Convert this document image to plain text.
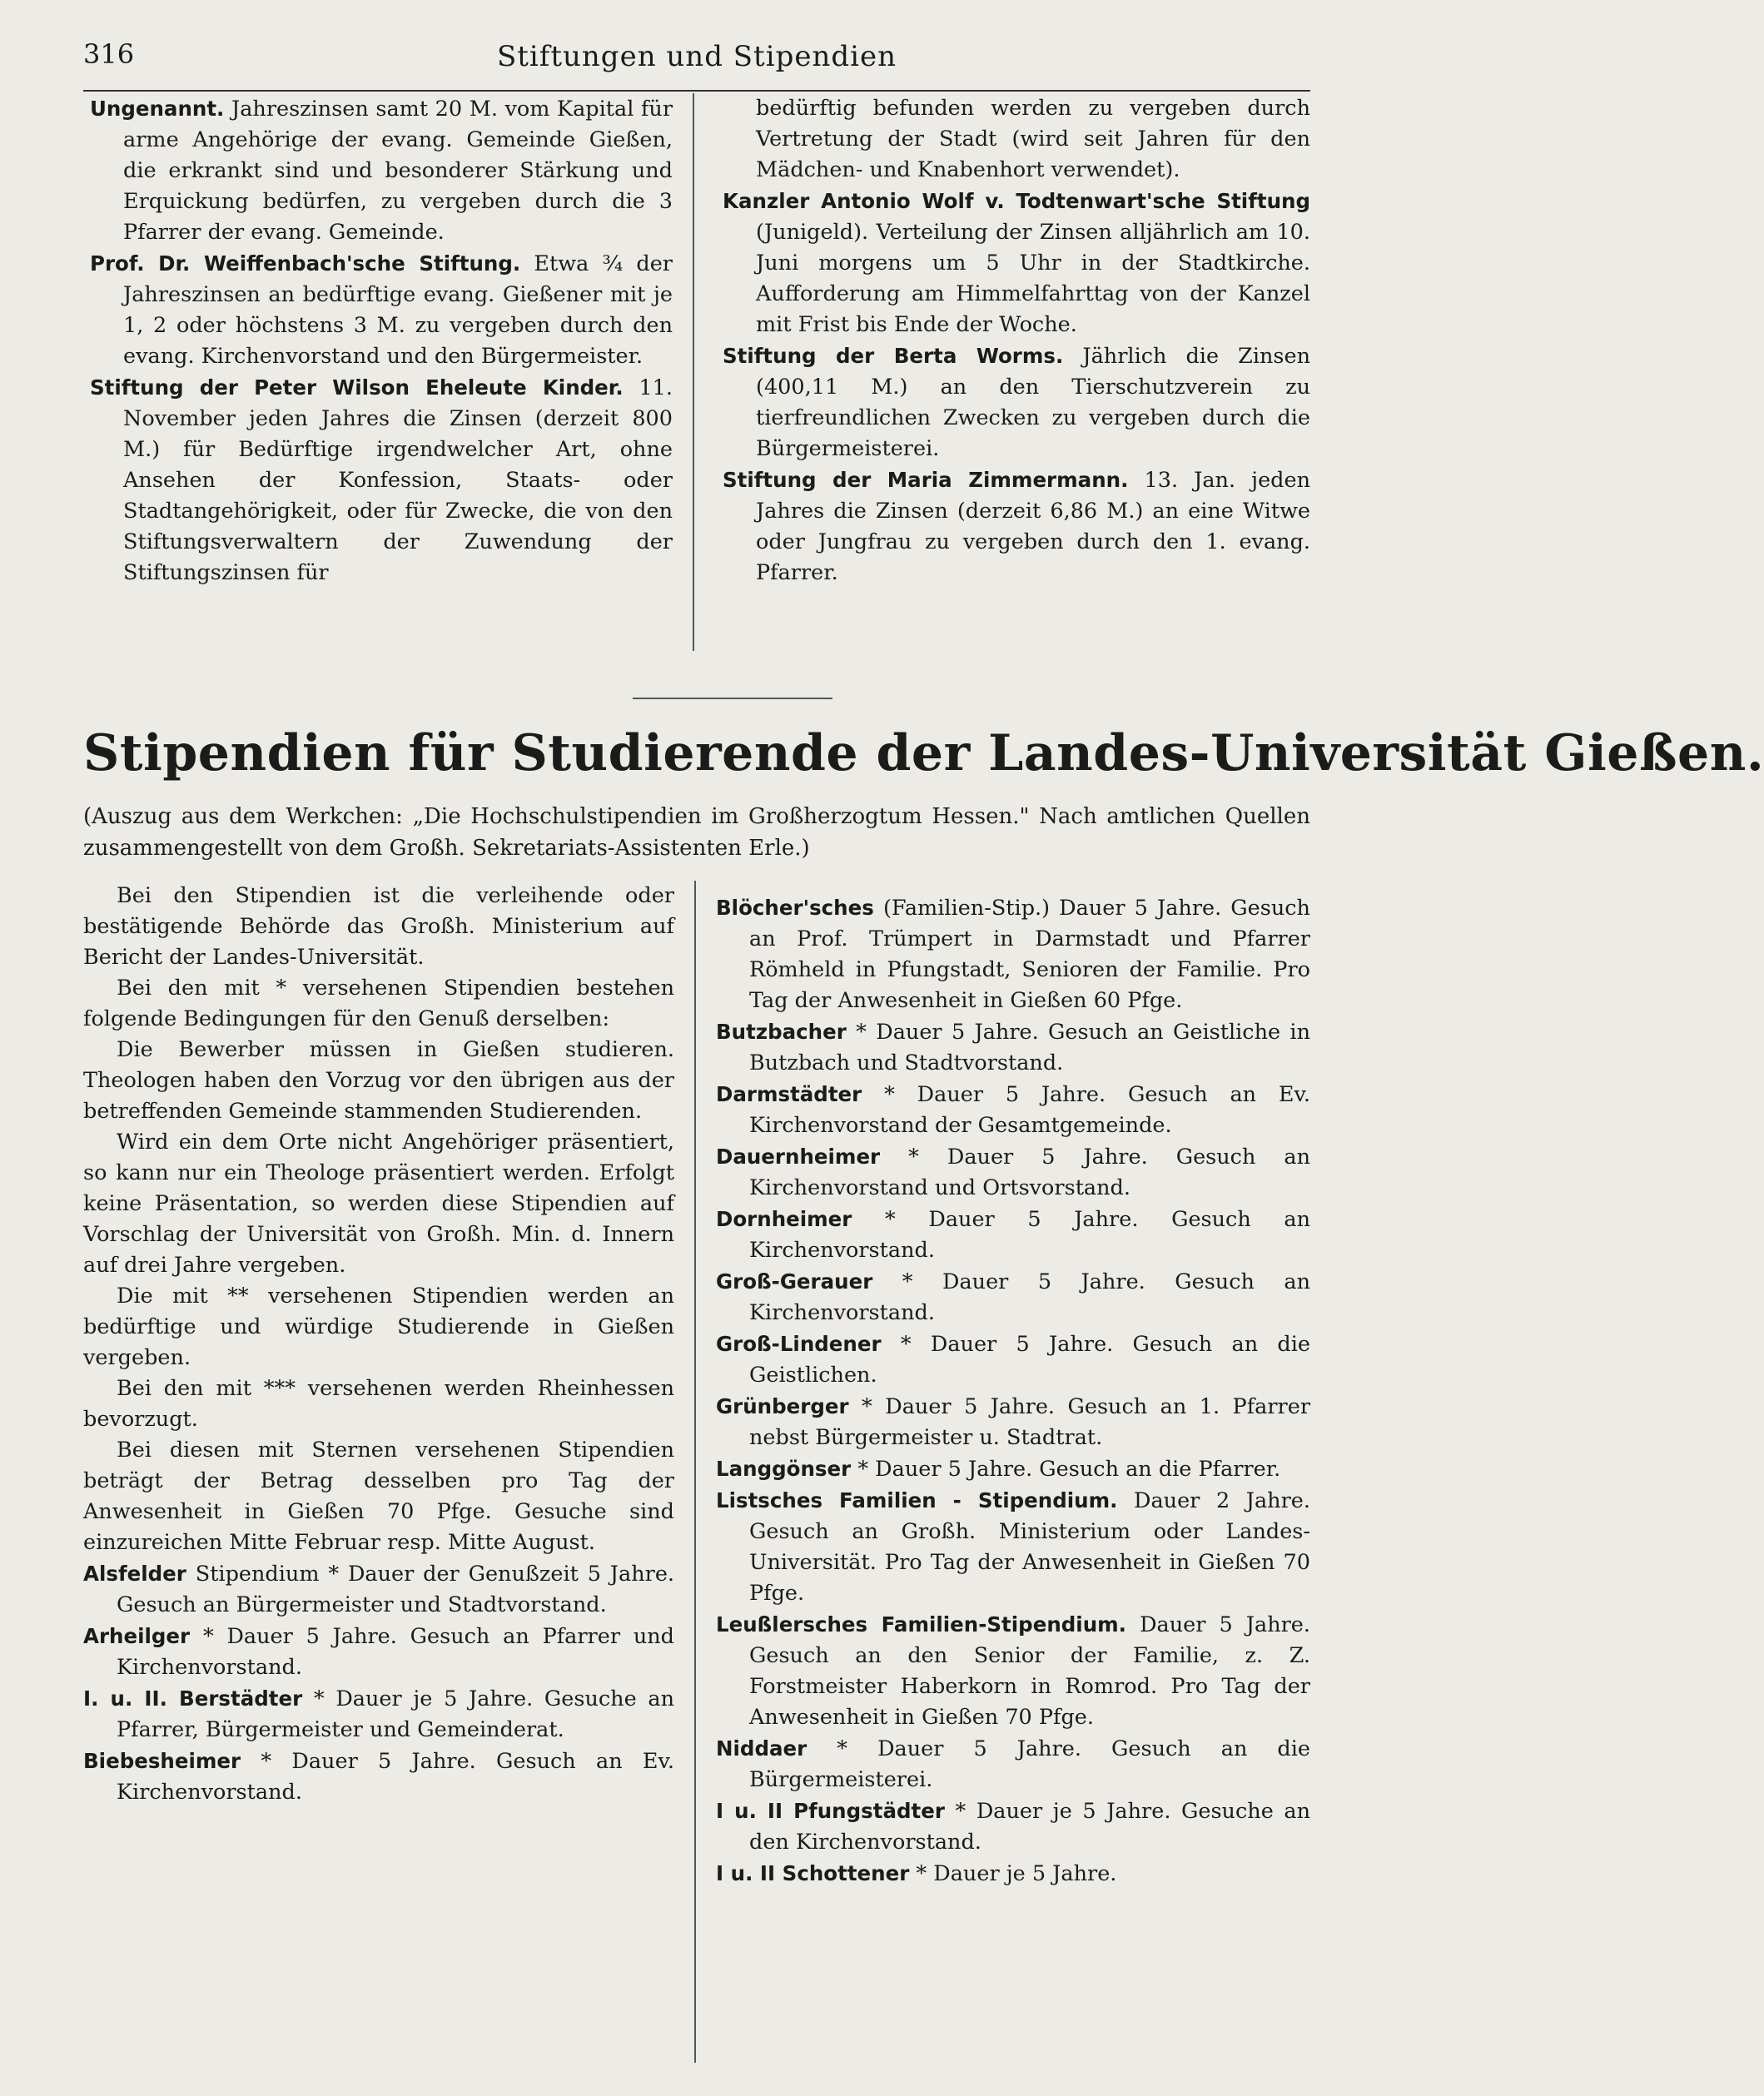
316	Stiftungen und Stipendien

Ungenannt. Jahreszinsen samt 20 M. vom Kapital für arme Angehörige der evang. Gemeinde Gießen, die erkrankt sind und besonderer Stärkung und Erquickung bedürfen, zu vergeben durch die 3 Pfarrer der evang. Gemeinde.

Prof. Dr. Weiffenbach'sche Stiftung. Etwa ¾ der Jahreszinsen an bedürftige evang. Gießener mit je 1, 2 oder höchstens 3 M. zu vergeben durch den evang. Kirchenvorstand und den Bürgermeister.

Stiftung der Peter Wilson Eheleute Kinder. 11. November jeden Jahres die Zinsen (derzeit 800 M.) für Bedürftige irgendwelcher Art, ohne Ansehen der Konfession, Staats- oder Stadtangehörigkeit, oder für Zwecke, die von den Stiftungsverwaltern der Zuwendung der Stiftungszinsen für

bedürftig befunden werden zu vergeben durch Vertretung der Stadt (wird seit Jahren für den Mädchen- und Knabenhort verwendet).

Kanzler Antonio Wolf v. Todtenwart'sche Stiftung (Junigeld). Verteilung der Zinsen alljährlich am 10. Juni morgens um 5 Uhr in der Stadtkirche. Aufforderung am Himmelfahrttag von der Kanzel mit Frist bis Ende der Woche.

Stiftung der Berta Worms. Jährlich die Zinsen (400,11 M.) an den Tierschutzverein zu tierfreundlichen Zwecken zu vergeben durch die Bürgermeisterei.

Stiftung der Maria Zimmermann. 13. Jan. jeden Jahres die Zinsen (derzeit 6,86 M.) an eine Witwe oder Jungfrau zu vergeben durch den 1. evang. Pfarrer.

Stipendien für Studierende der Landes-Universität Gießen.

(Auszug aus dem Werkchen: „Die Hochschulstipendien im Großherzogtum Hessen." Nach amtlichen Quellen zusammengestellt von dem Großh. Sekretariats-Assistenten Erle.)

Bei den Stipendien ist die verleihende oder bestätigende Behörde das Großh. Ministerium auf Bericht der Landes-Universität.

Bei den mit * versehenen Stipendien bestehen folgende Bedingungen für den Genuß derselben:

Die Bewerber müssen in Gießen studieren. Theologen haben den Vorzug vor den übrigen aus der betreffenden Gemeinde stammenden Studierenden.

Wird ein dem Orte nicht Angehöriger präsentiert, so kann nur ein Theologe präsentiert werden. Erfolgt keine Präsentation, so werden diese Stipendien auf Vorschlag der Universität von Großh. Min. d. Innern auf drei Jahre vergeben.

Die mit ** versehenen Stipendien werden an bedürftige und würdige Studierende in Gießen vergeben.

Bei den mit *** versehenen werden Rheinhessen bevorzugt.

Bei diesen mit Sternen versehenen Stipendien beträgt der Betrag desselben pro Tag der Anwesenheit in Gießen 70 Pfge. Gesuche sind einzureichen Mitte Februar resp. Mitte August.

Alsfelder Stipendium * Dauer der Genußzeit 5 Jahre. Gesuch an Bürgermeister und Stadtvorstand.

Arheilger * Dauer 5 Jahre. Gesuch an Pfarrer und Kirchenvorstand.

I. u. II. Berstädter * Dauer je 5 Jahre. Gesuche an Pfarrer, Bürgermeister und Gemeinderat.

Biebesheimer * Dauer 5 Jahre. Gesuch an Ev. Kirchenvorstand.

Blöcher'sches (Familien-Stip.) Dauer 5 Jahre. Gesuch an Prof. Trümpert in Darmstadt und Pfarrer Römheld in Pfungstadt, Senioren der Familie. Pro Tag der Anwesenheit in Gießen 60 Pfge.

Butzbacher * Dauer 5 Jahre. Gesuch an Geistliche in Butzbach und Stadtvorstand.

Darmstädter * Dauer 5 Jahre. Gesuch an Ev. Kirchenvorstand der Gesamtgemeinde.

Dauernheimer * Dauer 5 Jahre. Gesuch an Kirchenvorstand und Ortsvorstand.

Dornheimer * Dauer 5 Jahre. Gesuch an Kirchenvorstand.

Groß-Gerauer * Dauer 5 Jahre. Gesuch an Kirchenvorstand.

Groß-Lindener * Dauer 5 Jahre. Gesuch an die Geistlichen.

Grünberger * Dauer 5 Jahre. Gesuch an 1. Pfarrer nebst Bürgermeister u. Stadtrat.

Langgönser * Dauer 5 Jahre. Gesuch an die Pfarrer.

Listsches Familien - Stipendium. Dauer 2 Jahre. Gesuch an Großh. Ministerium oder Landes-Universität. Pro Tag der Anwesenheit in Gießen 70 Pfge.

Leußlersches Familien-Stipendium. Dauer 5 Jahre. Gesuch an den Senior der Familie, z. Z. Forstmeister Haberkorn in Romrod. Pro Tag der Anwesenheit in Gießen 70 Pfge.

Niddaer * Dauer 5 Jahre. Gesuch an die Bürgermeisterei.

I u. II Pfungstädter * Dauer je 5 Jahre. Gesuche an den Kirchenvorstand.

I u. II Schottener * Dauer je 5 Jahre.
